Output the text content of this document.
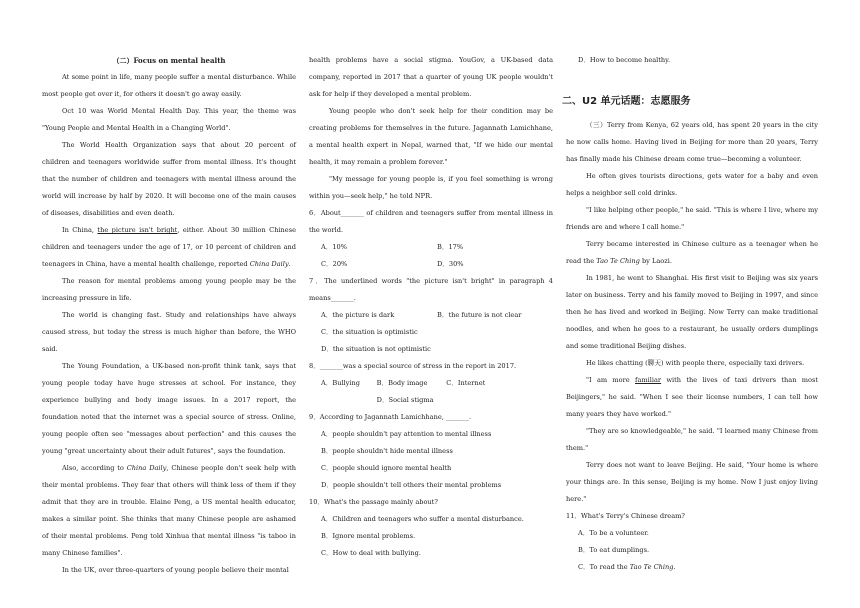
（二）Focus on mental health

At some point in life, many people suffer a mental disturbance. While most people get over it, for others it doesn't go away easily.

Oct 10 was World Mental Health Day. This year, the theme was "Young People and Mental Health in a Changing World".

The World Health Organization says that about 20 percent of children and teenagers worldwide suffer from mental illness. It's thought that the number of children and teenagers with mental illness around the world will increase by half by 2020. It will become one of the main causes of diseases, disabilities and even death.

In China, the picture isn't bright, either. About 30 million Chinese children and teenagers under the age of 17, or 10 percent of children and teenagers in China, have a mental health challenge, reported China Daily.

The reason for mental problems among young people may be the increasing pressure in life.

The world is changing fast. Study and relationships have always caused stress, but today the stress is much higher than before, the WHO said.

The Young Foundation, a UK-based non-profit think tank, says that young people today have huge stresses at school. For instance, they experience bullying and body image issues. In a 2017 report, the foundation noted that the internet was a special source of stress. Online, young people often see "messages about perfection" and this causes the young "great uncertainty about their adult futures", says the foundation.

Also, according to China Daily, Chinese people don't seek help with their mental problems. They fear that others will think less of them if they admit that they are in trouble. Elaine Peng, a US mental health educator, makes a similar point. She thinks that many Chinese people are ashamed of their mental problems. Peng told Xinhua that mental illness "is taboo in many Chinese families".

In the UK, over three-quarters of young people believe their mental

health problems have a social stigma. YouGov, a UK-based data company, reported in 2017 that a quarter of young UK people wouldn't ask for help if they developed a mental problem.

Young people who don't seek help for their condition may be creating problems for themselves in the future. Jagannath Lamichhane, a mental health expert in Nepal, warned that, "If we hide our mental health, it may remain a problem forever."

"My message for young people is, if you feel something is wrong within you—seek help," he told NPR.

6．About_______ of children and teenagers suffer from mental illness in the world.

A．10%	B．17%
C．20%	D．30%

7．The underlined words "the picture isn't bright" in paragraph 4 means_______.

A．the picture is dark	B．the future is not clear
C．the situation is optimistic
D．the situation is not optimistic

8．_______was a special source of stress in the report in 2017.

A．Bullying	B．Body image	C．Internet
D．Social stigma

9．According to Jagannath Lamichhane, _______.

A．people shouldn't pay attention to mental illness

B．people shouldn't hide mental illness

C．people should ignore mental health

D．people shouldn't tell others their mental problems

10．What's the passage mainly about?

A．Children and teenagers who suffer a mental disturbance.

B．Ignore mental problems.

C．How to deal with bullying.

D．How to become healthy.

二、U2 单元话题：志愿服务

（三）Terry from Kenya, 62 years old, has spent 20 years in the city he now calls home. Having lived in Beijing for more than 20 years, Terry has finally made his Chinese dream come true—becoming a volunteer.

He often gives tourists directions, gets water for a baby and even helps a neighbor sell cold drinks.

"I like helping other people," he said. "This is where I live, where my friends are and where I call home."

Terry became interested in Chinese culture as a teenager when he read the Tao Te Ching by Laozi.

In 1981, he went to Shanghai. His first visit to Beijing was six years later on business. Terry and his family moved to Beijing in 1997, and since then he has lived and worked in Beijing. Now Terry can make traditional noodles, and when he goes to a restaurant, he usually orders dumplings and some traditional Beijing dishes.

He likes chatting (聊天) with people there, especially taxi drivers.

"I am more familiar with the lives of taxi drivers than most Beijingers," he said. "When I see their license numbers, I can tell how many years they have worked."

"They are so knowledgeable," he said. "I learned many Chinese from them."

Terry does not want to leave Beijing. He said, "Your home is where your things are. In this sense, Beijing is my home. Now I just enjoy living here."

11．What's Terry's Chinese dream?

A．To be a volunteer.

B．To eat dumplings.

C．To read the Tao Te Ching.
